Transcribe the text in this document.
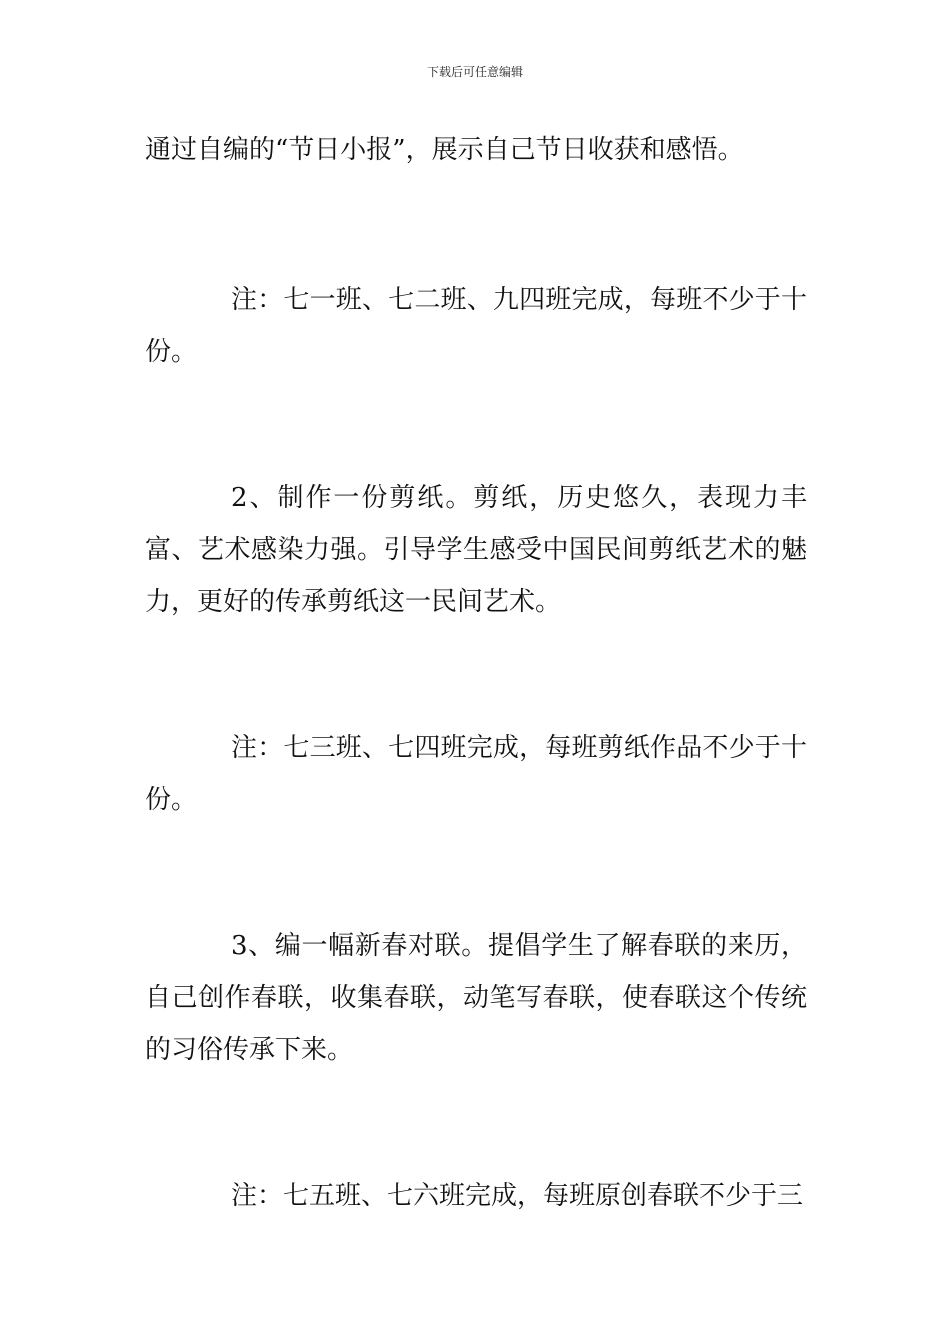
下载后可任意编辑

通过自编的“节日小报”，展示自己节日收获和感悟。

注：七一班、七二班、九四班完成，每班不少于十份。

2、制作一份剪纸。剪纸，历史悠久，表现力丰富、艺术感染力强。引导学生感受中国民间剪纸艺术的魅力，更好的传承剪纸这一民间艺术。

注：七三班、七四班完成，每班剪纸作品不少于十份。

3、编一幅新春对联。提倡学生了解春联的来历，自己创作春联，收集春联，动笔写春联，使春联这个传统的习俗传承下来。

注：七五班、七六班完成，每班原创春联不少于三
